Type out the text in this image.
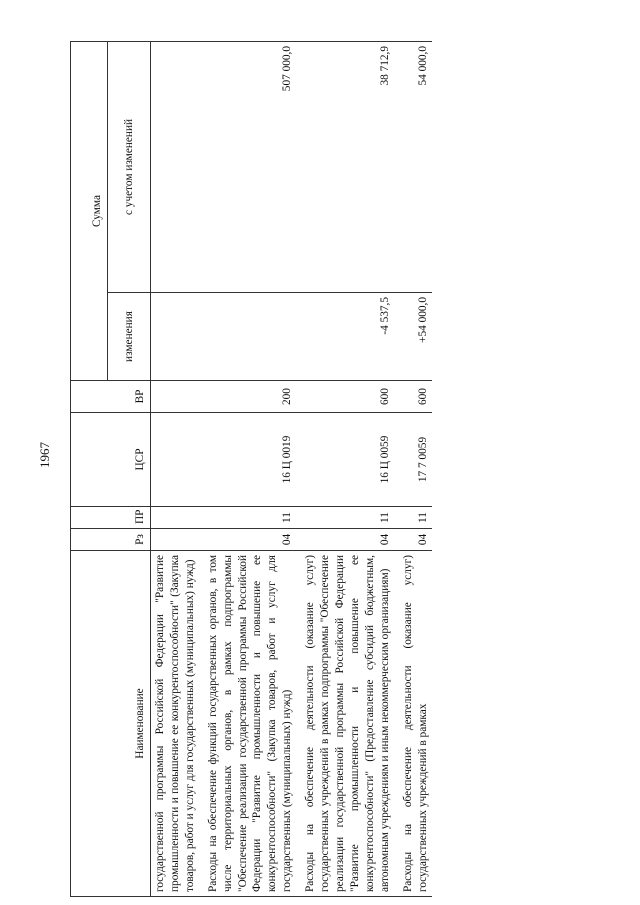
1967
Наименование	Рз	ПР	ЦСР	ВР	Сумма	
					изменения	с учетом изменений
государственной программы Российской Федерации "Развитие промышленности и повышение ее конкурентоспособности" (Закупка товаров, работ и услуг для государственных (муниципальных) нужд)						
Расходы на обеспечение функций государственных органов, в том числе территориальных органов, в рамках подпрограммы "Обеспечение реализации государственной программы Российской Федерации "Развитие промышленности и повышение ее конкурентоспособности" (Закупка товаров, работ и услуг для государственных (муниципальных) нужд)	04	11	16 Ц 0019	200		507 000,0
Расходы на обеспечение деятельности (оказание услуг) государственных учреждений в рамках подпрограммы "Обеспечение реализации государственной программы Российской Федерации "Развитие промышленности и повышение ее конкурентоспособности" (Предоставление субсидий бюджетным, автономным учреждениям и иным некоммерческим организациям)	04	11	16 Ц 0059	600	-4 537,5	38 712,9
Расходы на обеспечение деятельности (оказание услуг) государственных учреждений в рамках	04	11	17 7 0059	600	+54 000,0	54 000,0
